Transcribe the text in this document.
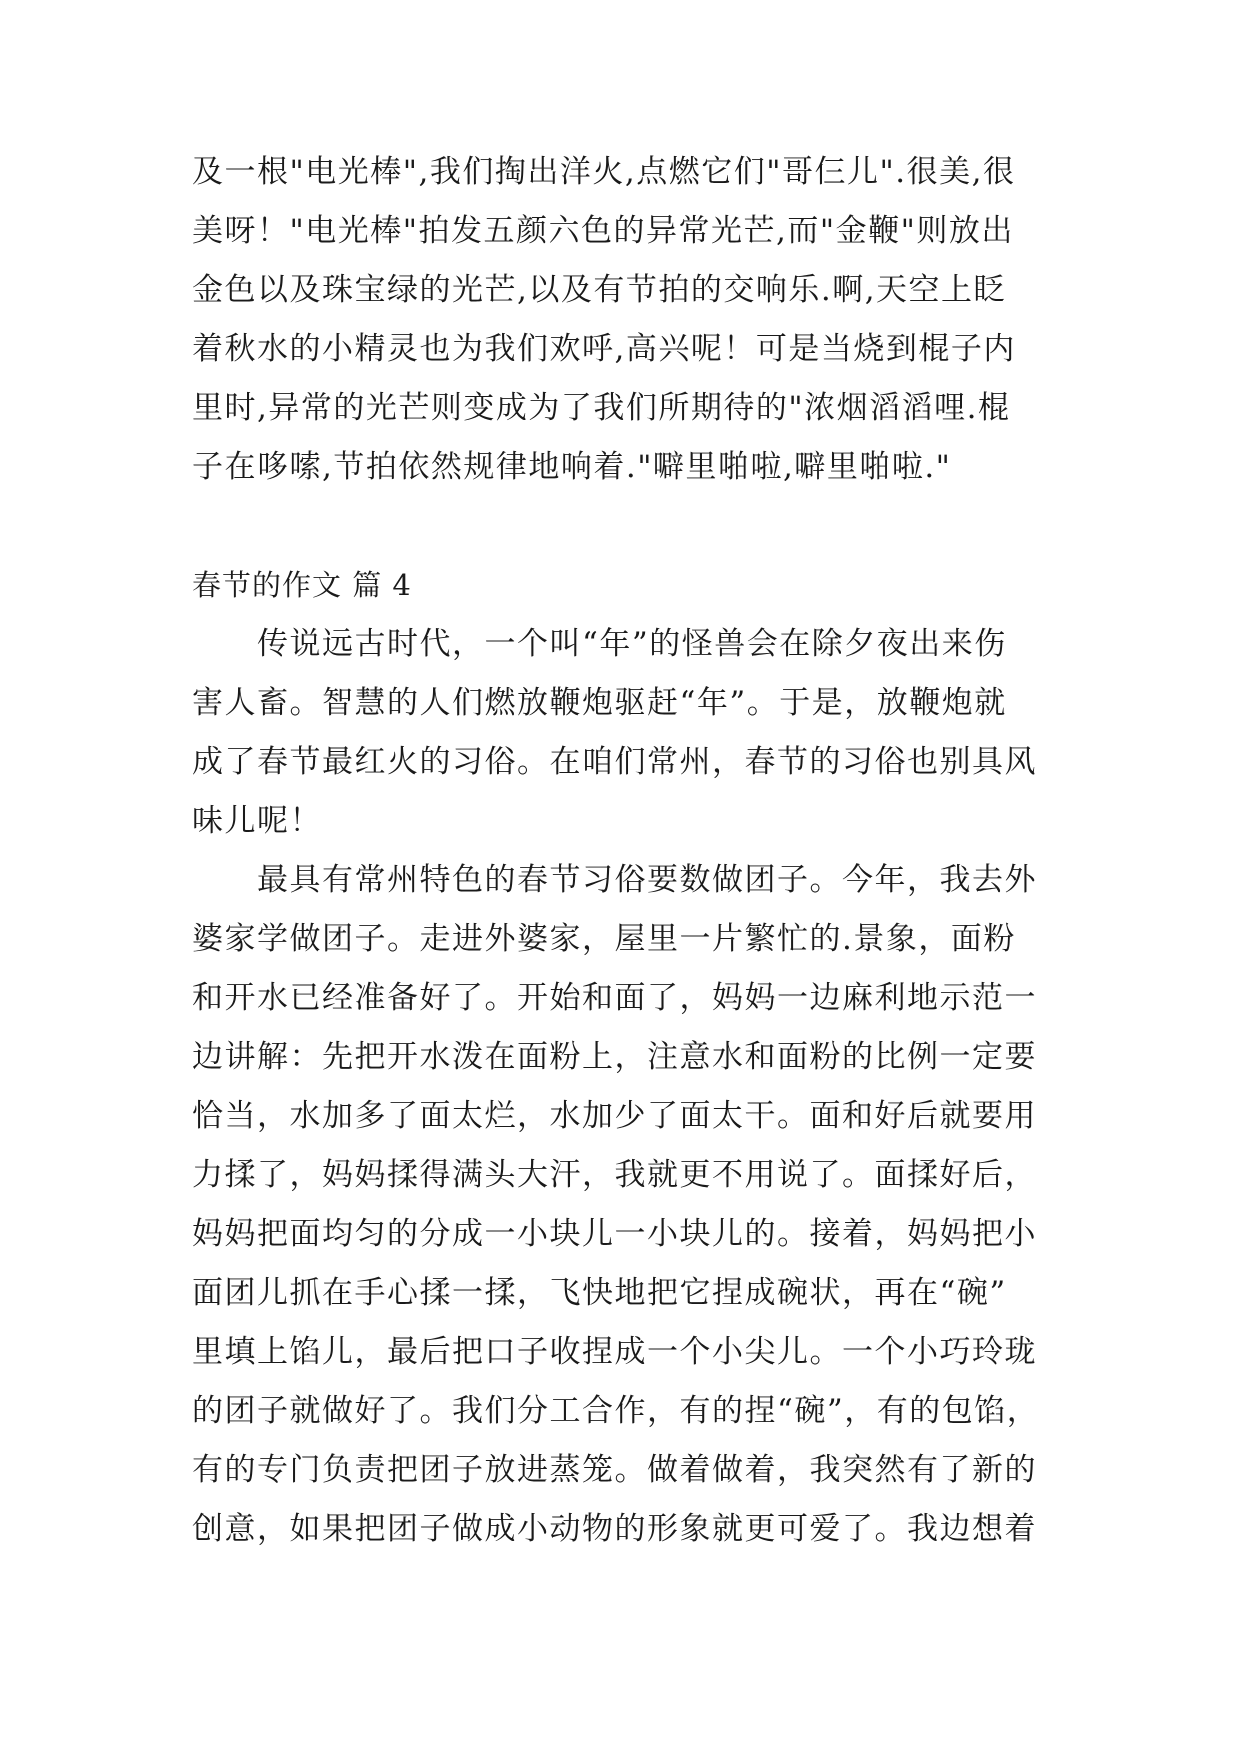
及一根"电光棒",我们掏出洋火,点燃它们"哥仨儿".很美,很
美呀！"电光棒"拍发五颜六色的异常光芒,而"金鞭"则放出
金色以及珠宝绿的光芒,以及有节拍的交响乐.啊,天空上眨
着秋水的小精灵也为我们欢呼,高兴呢！可是当烧到棍子内
里时,异常的光芒则变成为了我们所期待的"浓烟滔滔哩.棍
子在哆嗦,节拍依然规律地响着."噼里啪啦,噼里啪啦."
春节的作文 篇 4
　　传说远古时代，一个叫“年”的怪兽会在除夕夜出来伤
害人畜。智慧的人们燃放鞭炮驱赶“年”。于是，放鞭炮就
成了春节最红火的习俗。在咱们常州，春节的习俗也别具风
味儿呢！
　　最具有常州特色的春节习俗要数做团子。今年，我去外
婆家学做团子。走进外婆家，屋里一片繁忙的.景象，面粉
和开水已经准备好了。开始和面了，妈妈一边麻利地示范一
边讲解：先把开水泼在面粉上，注意水和面粉的比例一定要
恰当，水加多了面太烂，水加少了面太干。面和好后就要用
力揉了，妈妈揉得满头大汗，我就更不用说了。面揉好后，
妈妈把面均匀的分成一小块儿一小块儿的。接着，妈妈把小
面团儿抓在手心揉一揉，飞快地把它捏成碗状，再在“碗”
里填上馅儿，最后把口子收捏成一个小尖儿。一个小巧玲珑
的团子就做好了。我们分工合作，有的捏“碗”，有的包馅，
有的专门负责把团子放进蒸笼。做着做着，我突然有了新的
创意，如果把团子做成小动物的形象就更可爱了。我边想着
